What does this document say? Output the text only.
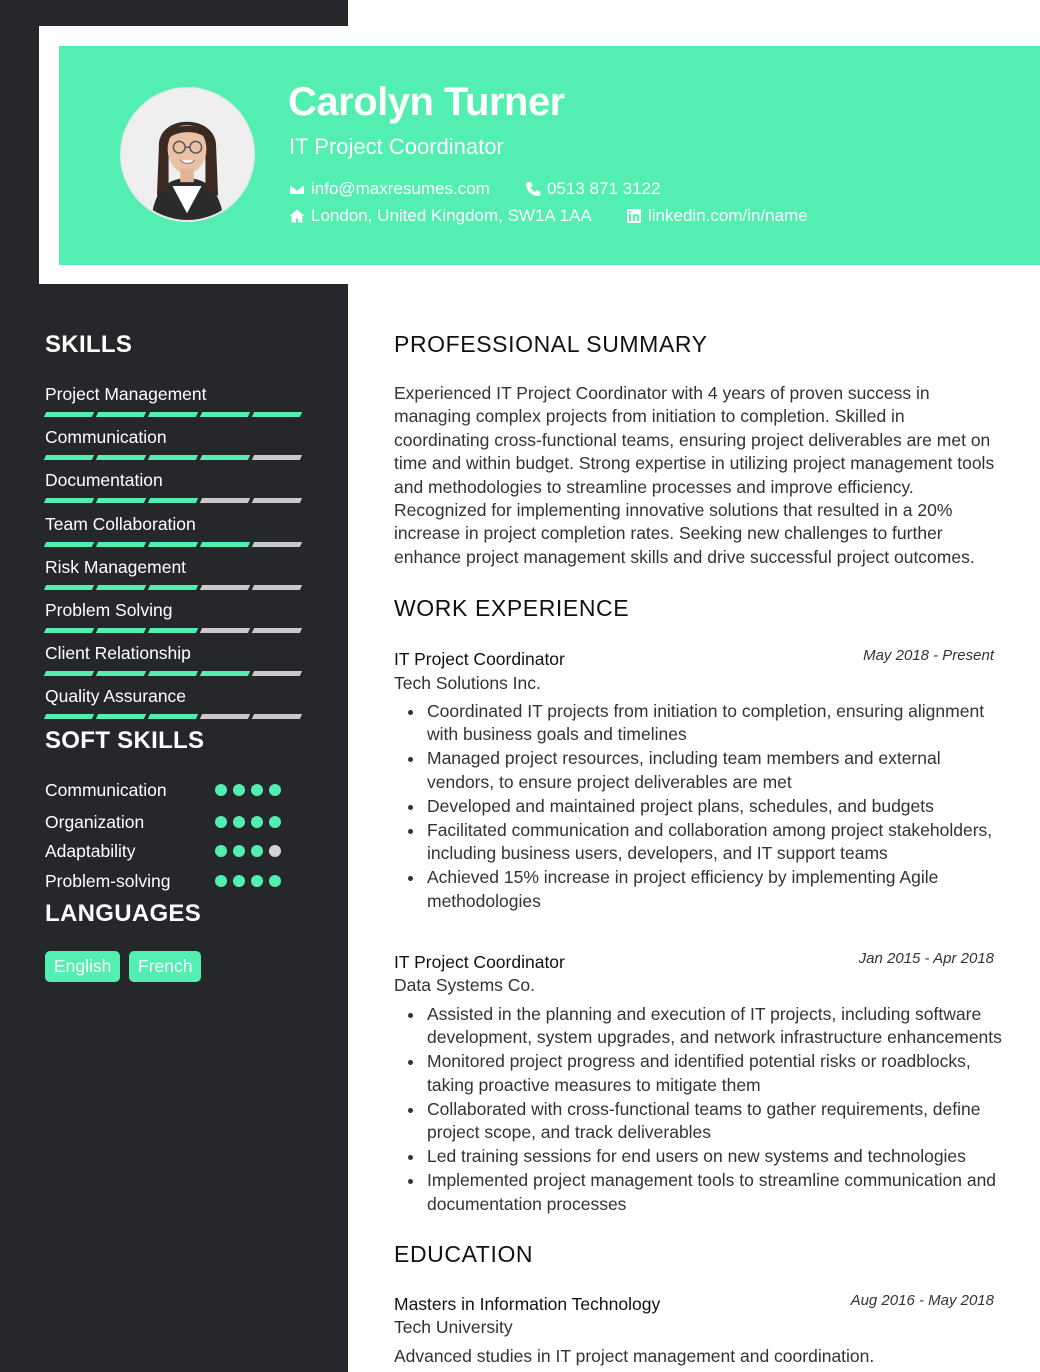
Carolyn Turner
IT Project Coordinator
info@maxresumes.com	0513 871 3122
London, United Kingdom, SW1A 1AA	linkedin.com/in/name
SKILLS
Project Management
Communication
Documentation
Team Collaboration
Risk Management
Problem Solving
Client Relationship
Quality Assurance
SOFT SKILLS
Communication
Organization
Adaptability
Problem-solving
LANGUAGES
English	French
PROFESSIONAL SUMMARY
Experienced IT Project Coordinator with 4 years of proven success in managing complex projects from initiation to completion. Skilled in coordinating cross-functional teams, ensuring project deliverables are met on time and within budget. Strong expertise in utilizing project management tools and methodologies to streamline processes and improve efficiency. Recognized for implementing innovative solutions that resulted in a 20% increase in project completion rates. Seeking new challenges to further enhance project management skills and drive successful project outcomes.
WORK EXPERIENCE
IT Project Coordinator	May 2018 - Present
Tech Solutions Inc.
Coordinated IT projects from initiation to completion, ensuring alignment with business goals and timelines
Managed project resources, including team members and external vendors, to ensure project deliverables are met
Developed and maintained project plans, schedules, and budgets
Facilitated communication and collaboration among project stakeholders, including business users, developers, and IT support teams
Achieved 15% increase in project efficiency by implementing Agile methodologies
IT Project Coordinator	Jan 2015 - Apr 2018
Data Systems Co.
Assisted in the planning and execution of IT projects, including software development, system upgrades, and network infrastructure enhancements
Monitored project progress and identified potential risks or roadblocks, taking proactive measures to mitigate them
Collaborated with cross-functional teams to gather requirements, define project scope, and track deliverables
Led training sessions for end users on new systems and technologies
Implemented project management tools to streamline communication and documentation processes
EDUCATION
Masters in Information Technology	Aug 2016 - May 2018
Tech University
Advanced studies in IT project management and coordination.
